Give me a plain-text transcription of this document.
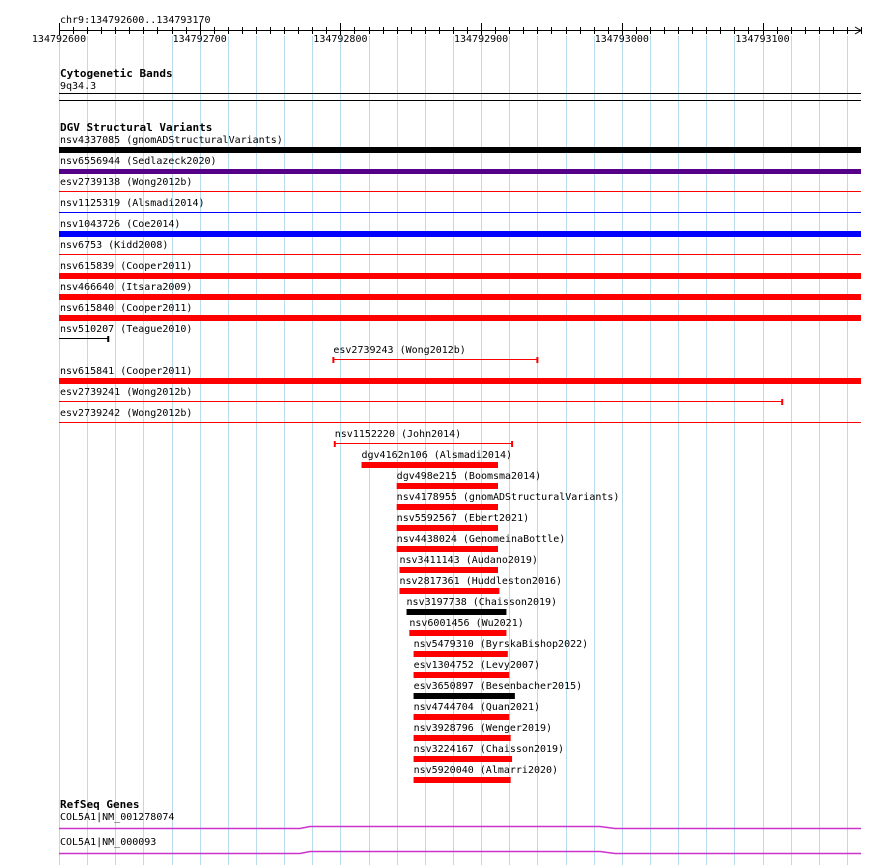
chr9:134792600..134793170
Cytogenetic Bands
9q34.3
DGV Structural Variants
RefSeq Genes
134792600	134792700	134792800	134792900	134793000	134793100
nsv4337085 (gnomADStructuralVariants)
nsv6556944 (Sedlazeck2020)
esv2739138 (Wong2012b)
nsv1125319 (Alsmadi2014)
nsv1043726 (Coe2014)
nsv6753 (Kidd2008)
nsv615839 (Cooper2011)
nsv466640 (Itsara2009)
nsv615840 (Cooper2011)
nsv510207 (Teague2010)
esv2739243 (Wong2012b)
nsv615841 (Cooper2011)
esv2739241 (Wong2012b)
esv2739242 (Wong2012b)
nsv1152220 (John2014)
dgv4162n106 (Alsmadi2014)
dgv498e215 (Boomsma2014)
nsv4178955 (gnomADStructuralVariants)
nsv5592567 (Ebert2021)
nsv4438024 (GenomeinaBottle)
nsv3411143 (Audano2019)
nsv2817361 (Huddleston2016)
nsv3197738 (Chaisson2019)
nsv6001456 (Wu2021)
nsv5479310 (ByrskaBishop2022)
esv1304752 (Levy2007)
esv3650897 (Besenbacher2015)
nsv4744704 (Quan2021)
nsv3928796 (Wenger2019)
nsv3224167 (Chaisson2019)
nsv5920040 (Almarri2020)
COL5A1|NM_001278074
COL5A1|NM_000093
